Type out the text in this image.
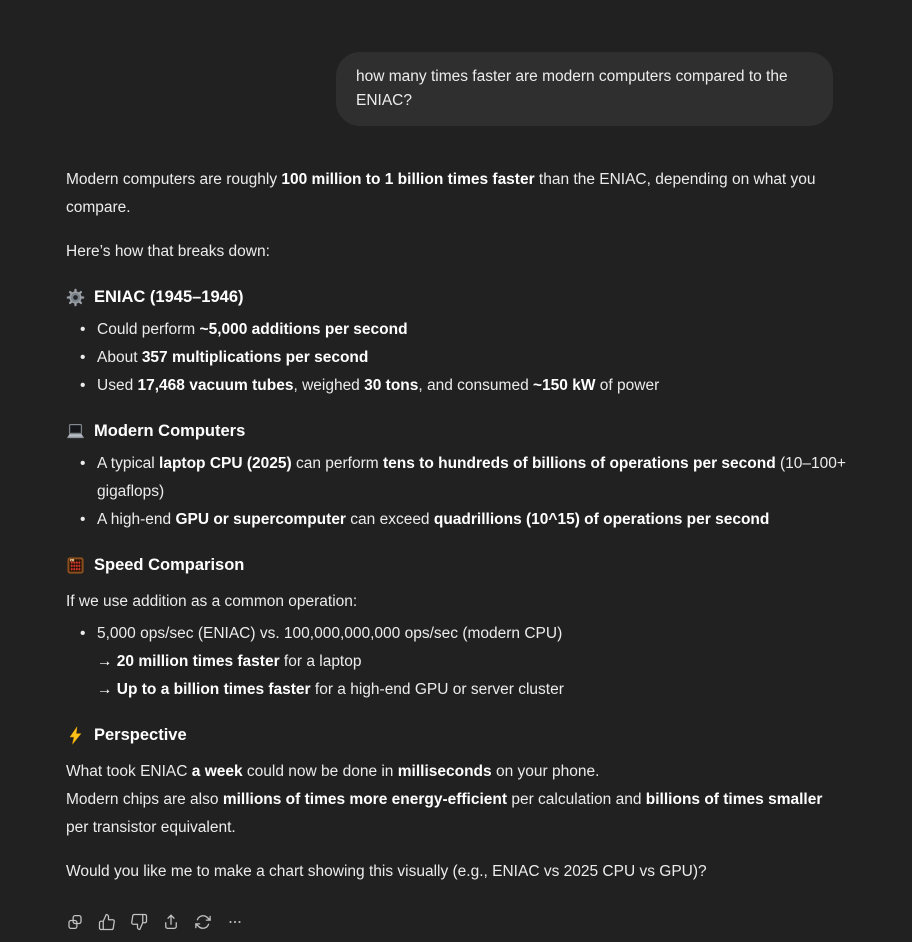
how many times faster are modern computers compared to the ENIAC?

Modern computers are roughly 100 million to 1 billion times faster than the ENIAC, depending on what you compare.

Here’s how that breaks down:

ENIAC (1945–1946)
• Could perform ~5,000 additions per second
• About 357 multiplications per second
• Used 17,468 vacuum tubes, weighed 30 tons, and consumed ~150 kW of power
Modern Computers
• A typical laptop CPU (2025) can perform tens to hundreds of billions of operations per second (10–100+ gigaflops)
• A high-end GPU or supercomputer can exceed quadrillions (10^15) of operations per second
Speed Comparison

If we use addition as a common operation:

• 5,000 ops/sec (ENIAC) vs. 100,000,000,000 ops/sec (modern CPU)
→ 20 million times faster for a laptop
→ Up to a billion times faster for a high-end GPU or server cluster
Perspective

What took ENIAC a week could now be done in milliseconds on your phone.
Modern chips are also millions of times more energy-efficient per calculation and billions of times smaller per transistor equivalent.

Would you like me to make a chart showing this visually (e.g., ENIAC vs 2025 CPU vs GPU)?
